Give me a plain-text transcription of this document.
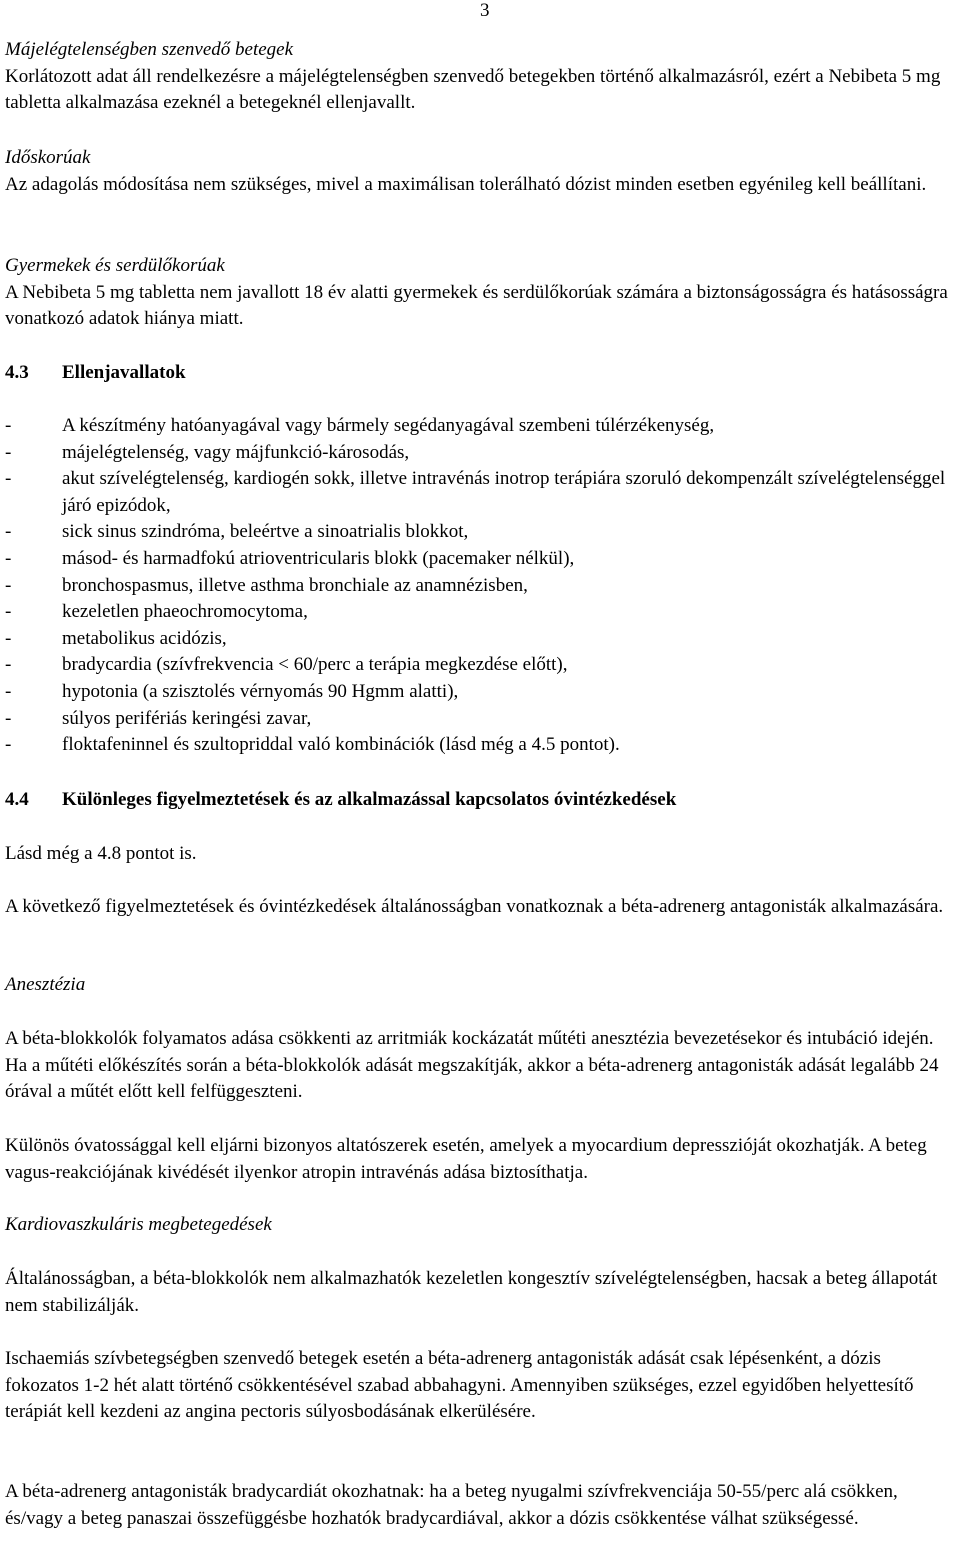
3

Májelégtelenségben szenvedő betegek

Korlátozott adat áll rendelkezésre a májelégtelenségben szenvedő betegekben történő alkalmazásról, ezért a Nebibeta 5 mg tabletta alkalmazása ezeknél a betegeknél ellenjavallt.

Időskorúak

Az adagolás módosítása nem szükséges, mivel a maximálisan tolerálható dózist minden esetben egyénileg kell beállítani.

Gyermekek és serdülőkorúak

A Nebibeta 5 mg tabletta nem javallott 18 év alatti gyermekek és serdülőkorúak számára a biztonságosságra és hatásosságra vonatkozó adatok hiánya miatt.

4.3	Ellenjavallatok
-	A készítmény hatóanyagával vagy bármely segédanyagával szembeni túlérzékenység,
-	májelégtelenség, vagy májfunkció-károsodás,
-	akut szívelégtelenség, kardiogén sokk, illetve intravénás inotrop terápiára szoruló dekompenzált szívelégtelenséggel járó epizódok,
-	sick sinus szindróma, beleértve a sinoatrialis blokkot,
-	másod- és harmadfokú atrioventricularis blokk (pacemaker nélkül),
-	bronchospasmus, illetve asthma bronchiale az anamnézisben,
-	kezeletlen phaeochromocytoma,
-	metabolikus acidózis,
-	bradycardia (szívfrekvencia < 60/perc a terápia megkezdése előtt),
-	hypotonia (a szisztolés vérnyomás 90 Hgmm alatti),
-	súlyos perifériás keringési zavar,
-	floktafeninnel és szultopriddal való kombinációk (lásd még a 4.5 pontot).
4.4	Különleges figyelmeztetések és az alkalmazással kapcsolatos óvintézkedések

Lásd még a 4.8 pontot is.

A következő figyelmeztetések és óvintézkedések általánosságban vonatkoznak a béta-adrenerg antagonisták alkalmazására.

Anesztézia

A béta-blokkolók folyamatos adása csökkenti az arritmiák kockázatát műtéti anesztézia bevezetésekor és intubáció idején. Ha a műtéti előkészítés során a béta-blokkolók adását megszakítják, akkor a béta-adrenerg antagonisták adását legalább 24 órával a műtét előtt kell felfüggeszteni.

Különös óvatossággal kell eljárni bizonyos altatószerek esetén, amelyek a myocardium depresszióját okozhatják. A beteg vagus-reakciójának kivédését ilyenkor atropin intravénás adása biztosíthatja.

Kardiovaszkuláris megbetegedések

Általánosságban, a béta-blokkolók nem alkalmazhatók kezeletlen kongesztív szívelégtelenségben, hacsak a beteg állapotát nem stabilizálják.

Ischaemiás szívbetegségben szenvedő betegek esetén a béta-adrenerg antagonisták adását csak lépésenként, a dózis fokozatos 1-2 hét alatt történő csökkentésével szabad abbahagyni. Amennyiben szükséges, ezzel egyidőben helyettesítő terápiát kell kezdeni az angina pectoris súlyosbodásának elkerülésére.

A béta-adrenerg antagonisták bradycardiát okozhatnak: ha a beteg nyugalmi szívfrekvenciája 50-55/perc alá csökken, és/vagy a beteg panaszai összefüggésbe hozhatók bradycardiával, akkor a dózis csökkentése válhat szükségessé.
